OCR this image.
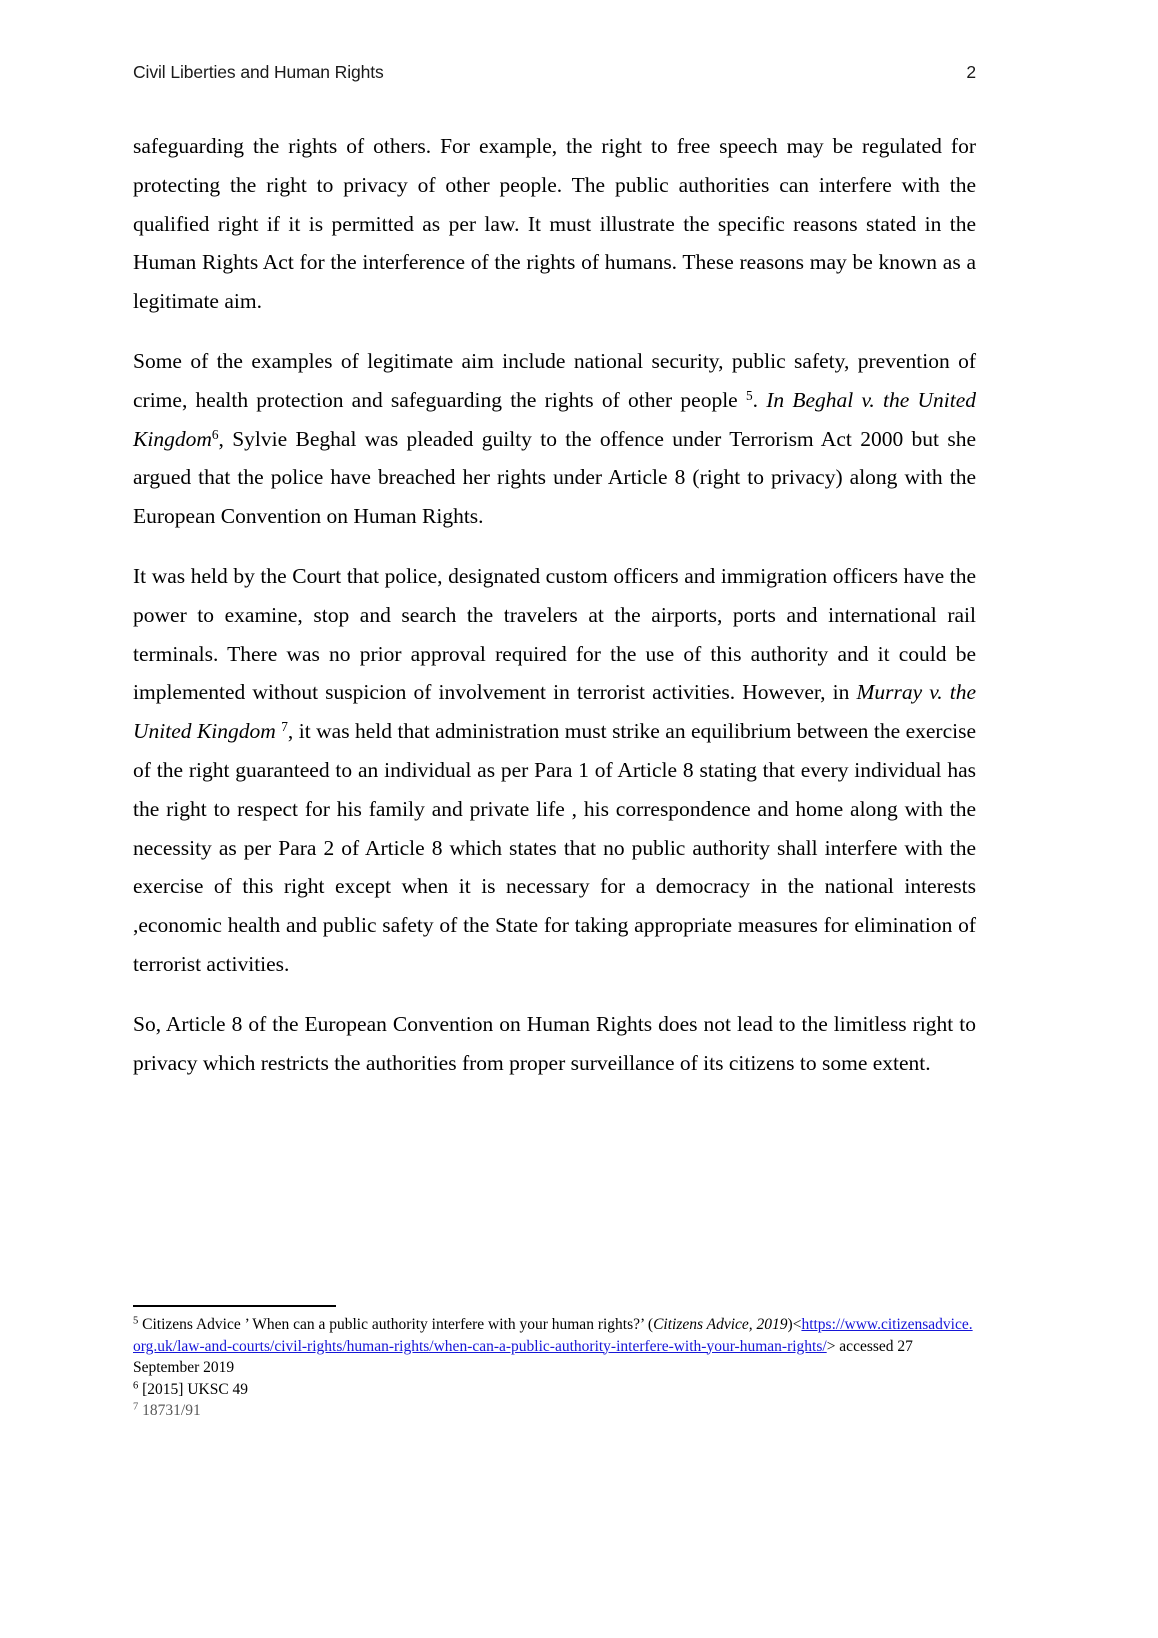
Civil Liberties and Human Rights	2

safeguarding the rights of others. For example, the right to free speech may be regulated for protecting the right to privacy of other people. The public authorities can interfere with the qualified right if it is permitted as per law. It must illustrate the specific reasons stated in the Human Rights Act for the interference of the rights of humans. These reasons may be known as a legitimate aim.

Some of the examples of legitimate aim include national security, public safety, prevention of crime, health protection and safeguarding the rights of other people $^5$. In Beghal v. the United Kingdom$^6$, Sylvie Beghal was pleaded guilty to the offence under Terrorism Act 2000 but she argued that the police have breached her rights under Article 8 (right to privacy) along with the European Convention on Human Rights.

It was held by the Court that police, designated custom officers and immigration officers have the power to examine, stop and search the travelers at the airports, ports and international rail terminals. There was no prior approval required for the use of this authority and it could be implemented without suspicion of involvement in terrorist activities. However, in Murray v. the United Kingdom $^7$, it was held that administration must strike an equilibrium between the exercise of the right guaranteed to an individual as per Para 1 of Article 8 stating that every individual has the right to respect for his family and private life , his correspondence and home along with the necessity as per Para 2 of Article 8 which states that no public authority shall interfere with the exercise of this right except when it is necessary for a democracy in the national interests ,economic health and public safety of the State for taking appropriate measures for elimination of terrorist activities.

So, Article 8 of the European Convention on Human Rights does not lead to the limitless right to privacy which restricts the authorities from proper surveillance of its citizens to some extent.

$^5$ Citizens Advice ’ When can a public authority interfere with your human rights?’ (Citizens Advice, 2019)<https://www.citizensadvice.org.uk/law-and-courts/civil-rights/human-rights/when-can-a-public-authority-interfere-with-your-human-rights/> accessed 27 September 2019

$^6$ [2015] UKSC 49

$^7$ 18731/91
